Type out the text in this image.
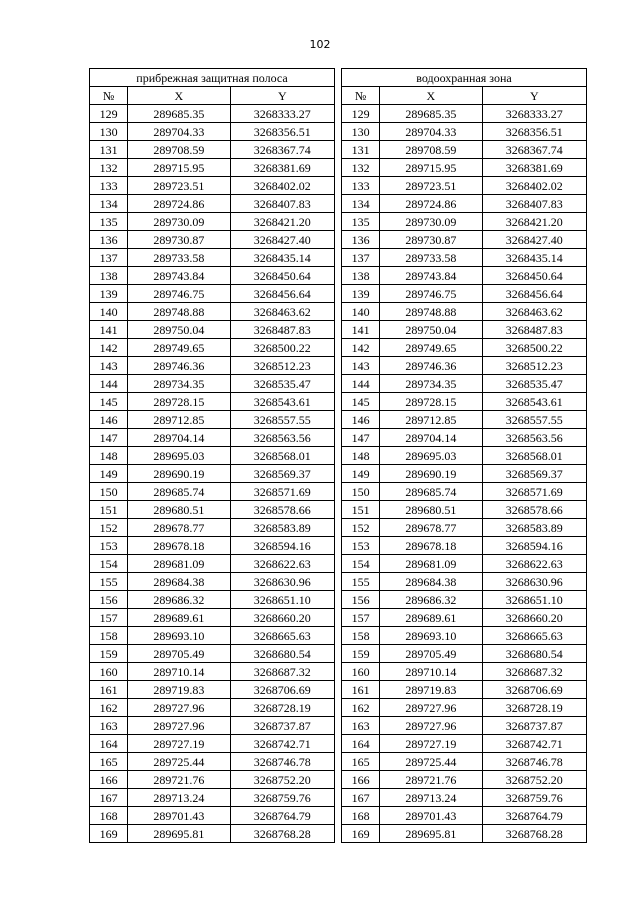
102
прибрежная защитная полоса		
№	X	Y
129	289685.35	3268333.27
130	289704.33	3268356.51
131	289708.59	3268367.74
132	289715.95	3268381.69
133	289723.51	3268402.02
134	289724.86	3268407.83
135	289730.09	3268421.20
136	289730.87	3268427.40
137	289733.58	3268435.14
138	289743.84	3268450.64
139	289746.75	3268456.64
140	289748.88	3268463.62
141	289750.04	3268487.83
142	289749.65	3268500.22
143	289746.36	3268512.23
144	289734.35	3268535.47
145	289728.15	3268543.61
146	289712.85	3268557.55
147	289704.14	3268563.56
148	289695.03	3268568.01
149	289690.19	3268569.37
150	289685.74	3268571.69
151	289680.51	3268578.66
152	289678.77	3268583.89
153	289678.18	3268594.16
154	289681.09	3268622.63
155	289684.38	3268630.96
156	289686.32	3268651.10
157	289689.61	3268660.20
158	289693.10	3268665.63
159	289705.49	3268680.54
160	289710.14	3268687.32
161	289719.83	3268706.69
162	289727.96	3268728.19
163	289727.96	3268737.87
164	289727.19	3268742.71
165	289725.44	3268746.78
166	289721.76	3268752.20
167	289713.24	3268759.76
168	289701.43	3268764.79
169	289695.81	3268768.28
водоохранная зона		
№	X	Y
129	289685.35	3268333.27
130	289704.33	3268356.51
131	289708.59	3268367.74
132	289715.95	3268381.69
133	289723.51	3268402.02
134	289724.86	3268407.83
135	289730.09	3268421.20
136	289730.87	3268427.40
137	289733.58	3268435.14
138	289743.84	3268450.64
139	289746.75	3268456.64
140	289748.88	3268463.62
141	289750.04	3268487.83
142	289749.65	3268500.22
143	289746.36	3268512.23
144	289734.35	3268535.47
145	289728.15	3268543.61
146	289712.85	3268557.55
147	289704.14	3268563.56
148	289695.03	3268568.01
149	289690.19	3268569.37
150	289685.74	3268571.69
151	289680.51	3268578.66
152	289678.77	3268583.89
153	289678.18	3268594.16
154	289681.09	3268622.63
155	289684.38	3268630.96
156	289686.32	3268651.10
157	289689.61	3268660.20
158	289693.10	3268665.63
159	289705.49	3268680.54
160	289710.14	3268687.32
161	289719.83	3268706.69
162	289727.96	3268728.19
163	289727.96	3268737.87
164	289727.19	3268742.71
165	289725.44	3268746.78
166	289721.76	3268752.20
167	289713.24	3268759.76
168	289701.43	3268764.79
169	289695.81	3268768.28
